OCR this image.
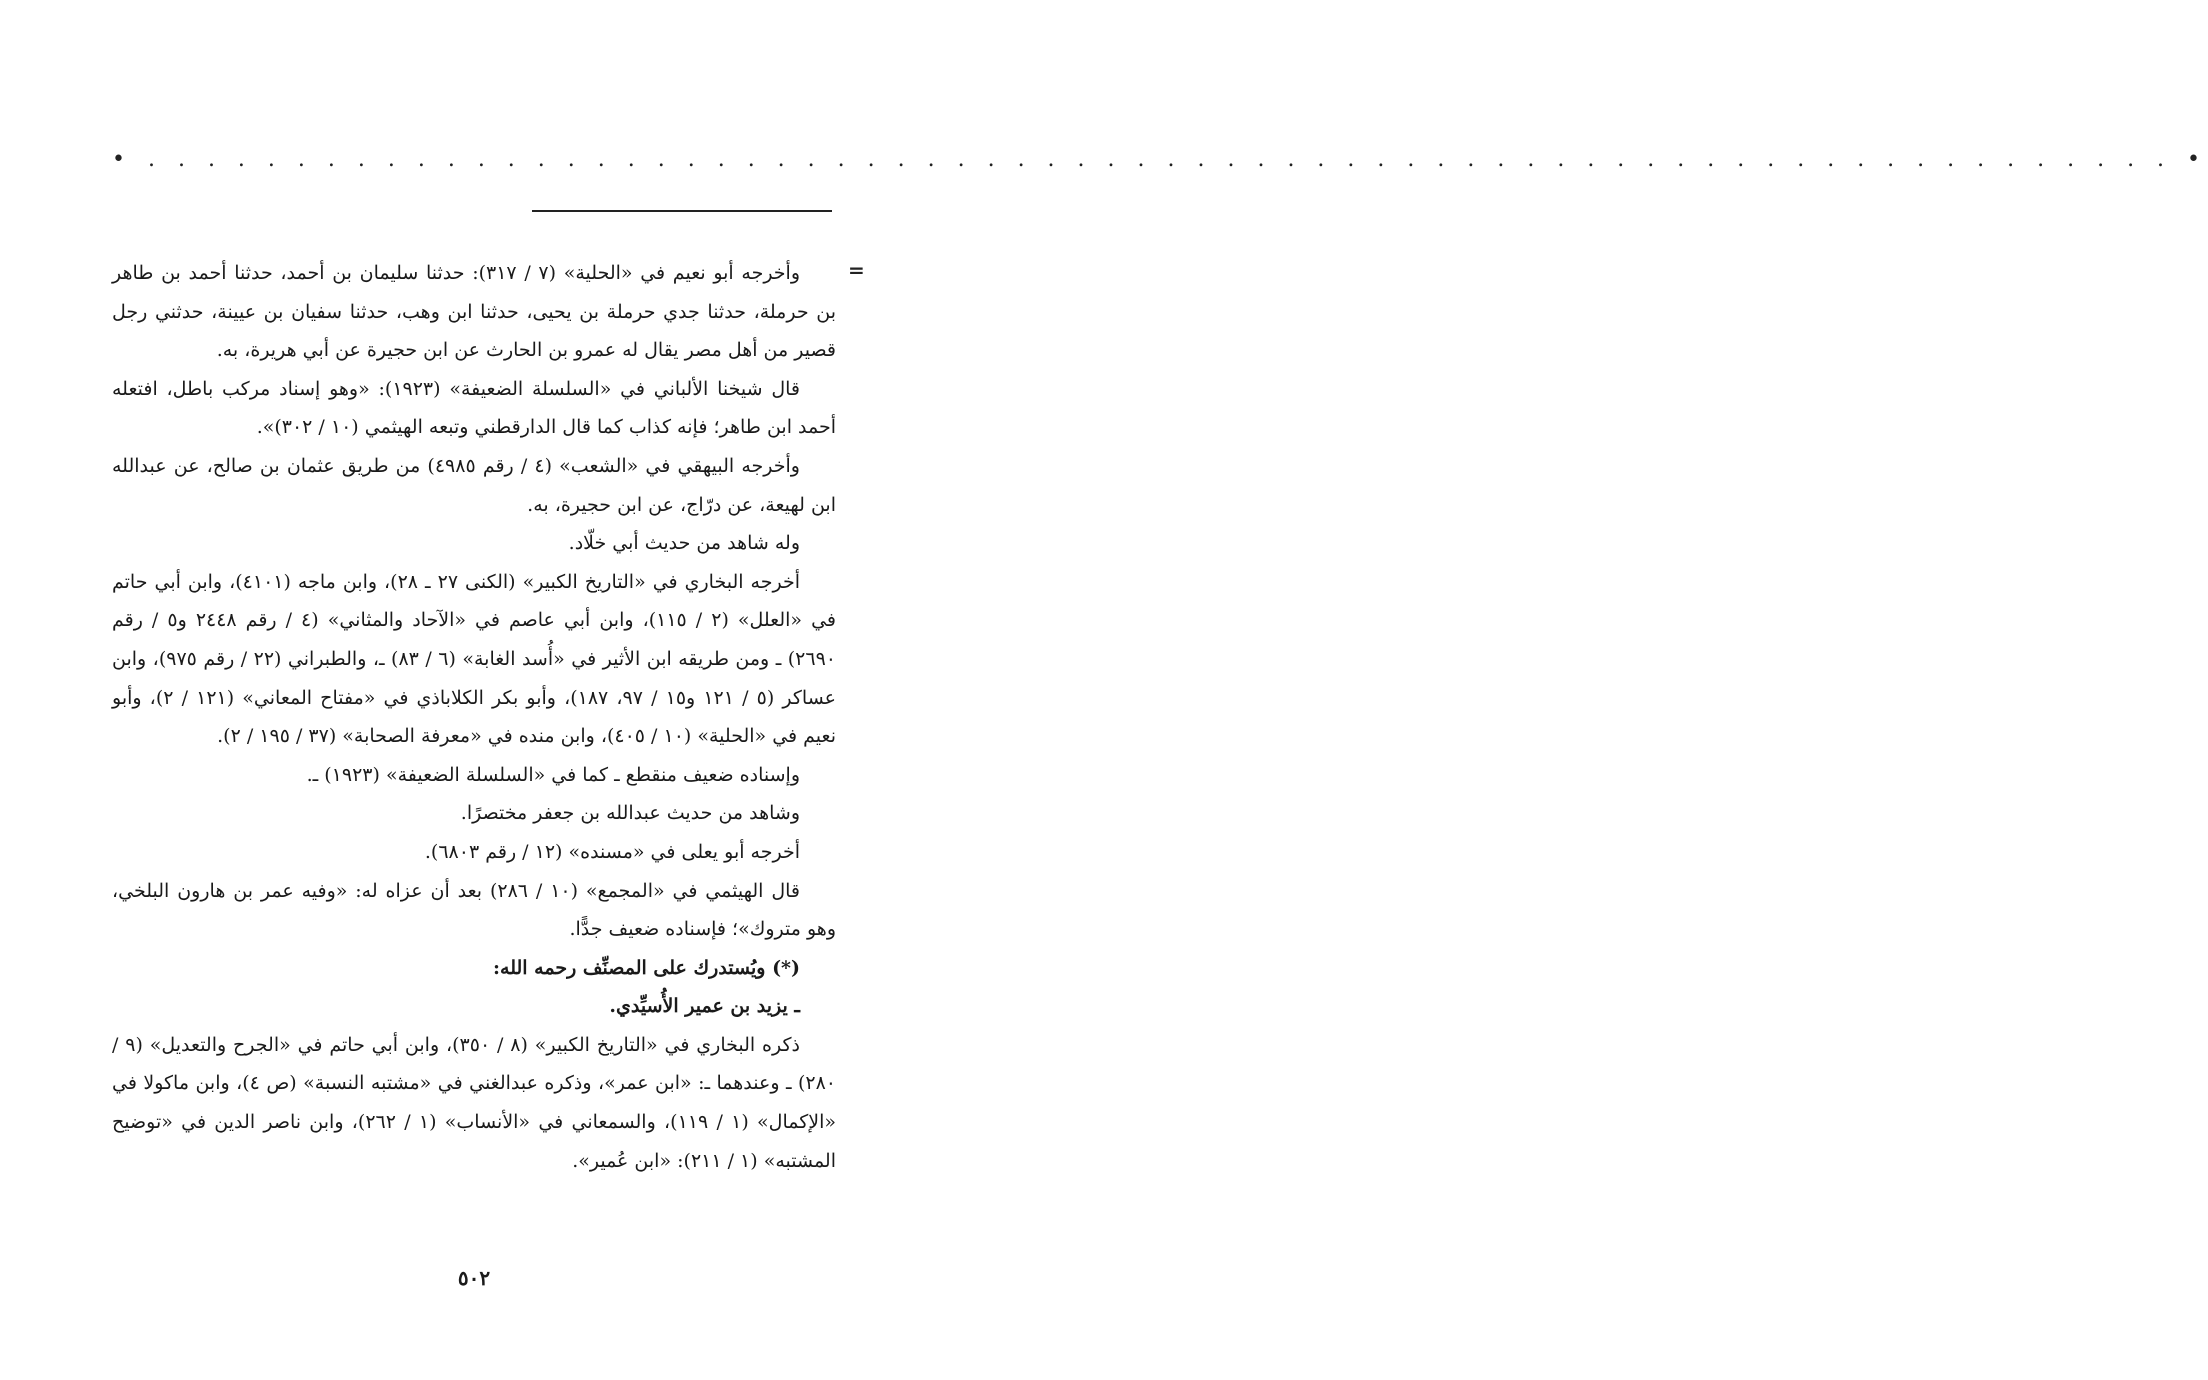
• . . . . . . . . . . . . . . . . . . . . . . . . . . . . . . . . . . . . . . . . . . . . . . . . . . . . . . . . . . . . . . . . . . . . •
=

وأخرجه أبو نعيم في «الحلية» (٧ / ٣١٧): حدثنا سليمان بن أحمد، حدثنا أحمد بن طاهر بن حرملة، حدثنا جدي حرملة بن يحيى، حدثنا ابن وهب، حدثنا سفيان بن عيينة، حدثني رجل قصير من أهل مصر يقال له عمرو بن الحارث عن ابن حجيرة عن أبي هريرة، به.

قال شيخنا الألباني في «السلسلة الضعيفة» (١٩٢٣): «وهو إسناد مركب باطل، افتعله أحمد ابن طاهر؛ فإنه كذاب كما قال الدارقطني وتبعه الهيثمي (١٠ / ٣٠٢)».

وأخرجه البيهقي في «الشعب» (٤ / رقم ٤٩٨٥) من طريق عثمان بن صالح، عن عبدالله ابن لهيعة، عن درّاج، عن ابن حجيرة، به.

وله شاهد من حديث أبي خلّاد.

أخرجه البخاري في «التاريخ الكبير» (الكنى ٢٧ ـ ٢٨)، وابن ماجه (٤١٠١)، وابن أبي حاتم في «العلل» (٢ / ١١٥)، وابن أبي عاصم في «الآحاد والمثاني» (٤ / رقم ٢٤٤٨ و٥ / رقم ٢٦٩٠) ـ ومن طريقه ابن الأثير في «أُسد الغابة» (٦ / ٨٣) ـ، والطبراني (٢٢ / رقم ٩٧٥)، وابن عساكر (٥ / ١٢١ و١٥ / ٩٧، ١٨٧)، وأبو بكر الكلاباذي في «مفتاح المعاني» (١٢١ / ٢)، وأبو نعيم في «الحلية» (١٠ / ٤٠٥)، وابن منده في «معرفة الصحابة» (٣٧ / ١٩٥ / ٢).

وإسناده ضعيف منقطع ـ كما في «السلسلة الضعيفة» (١٩٢٣) ـ.

وشاهد من حديث عبدالله بن جعفر مختصرًا.

أخرجه أبو يعلى في «مسنده» (١٢ / رقم ٦٨٠٣).

قال الهيثمي في «المجمع» (١٠ / ٢٨٦) بعد أن عزاه له: «وفيه عمر بن هارون البلخي، وهو متروك»؛ فإسناده ضعيف جدًّا.

(*) ويُستدرك على المصنِّف رحمه الله:

ـ يزيد بن عمير الأُسيِّدي.

ذكره البخاري في «التاريخ الكبير» (٨ / ٣٥٠)، وابن أبي حاتم في «الجرح والتعديل» (٩ / ٢٨٠) ـ وعندهما ـ: «ابن عمر»، وذكره عبدالغني في «مشتبه النسبة» (ص ٤)، وابن ماكولا في «الإكمال» (١ / ١١٩)، والسمعاني في «الأنساب» (١ / ٢٦٢)، وابن ناصر الدين في «توضيح المشتبه» (١ / ٢١١): «ابن عُمير».

٥٠٢
